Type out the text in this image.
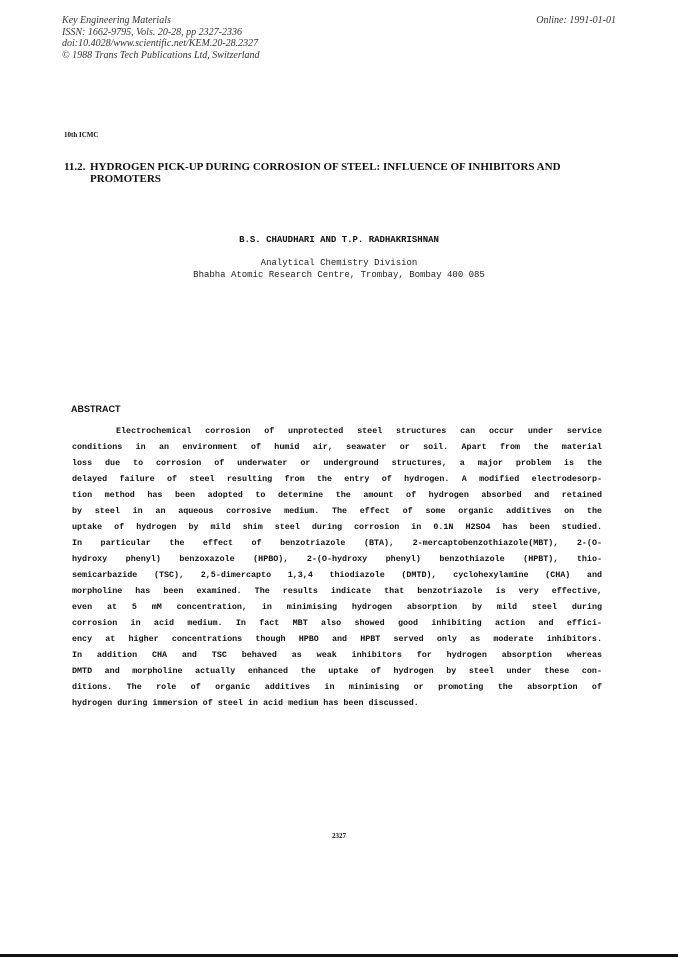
Key Engineering Materials
ISSN: 1662-9795, Vols. 20-28, pp 2327-2336
doi:10.4028/www.scientific.net/KEM.20-28.2327
© 1988 Trans Tech Publications Ltd, Switzerland
Online: 1991-01-01
10th ICMC
11.2. HYDROGEN PICK-UP DURING CORROSION OF STEEL: INFLUENCE OF INHIBITORS AND
PROMOTERS
B.S. CHAUDHARI AND T.P. RADHAKRISHNAN
Analytical Chemistry Division
Bhabha Atomic Research Centre, Trombay, Bombay 400 085
ABSTRACT
Electrochemical corrosion of unprotected steel structures can occur under service
conditions in an environment of humid air, seawater or soil. Apart from the material
loss due to corrosion of underwater or underground structures, a major problem is the
delayed failure of steel resulting from the entry of hydrogen. A modified electrodesorp-
tion method has been adopted to determine the amount of hydrogen absorbed and retained
by steel in an aqueous corrosive medium. The effect of some organic additives on the
uptake of hydrogen by mild shim steel during corrosion in 0.1N H2SO4 has been studied.
In particular the effect of benzotriazole (BTA), 2-mercaptobenzothiazole(MBT), 2-(O-
hydroxy phenyl) benzoxazole (HPBO), 2-(O-hydroxy phenyl) benzothiazole (HPBT), thio-
semicarbazide (TSC), 2,5-dimercapto 1,3,4 thiodiazole (DMTD), cyclohexylamine (CHA) and
morpholine has been examined. The results indicate that benzotriazole is very effective,
even at 5 mM concentration, in minimising hydrogen absorption by mild steel during
corrosion in acid medium. In fact MBT also showed good inhibiting action and effici-
ency at higher concentrations though HPBO and HPBT served only as moderate inhibitors.
In addition CHA and TSC behaved as weak inhibitors for hydrogen absorption whereas
DMTD and morpholine actually enhanced the uptake of hydrogen by steel under these con-
ditions. The role of organic additives in minimising or promoting the absorption of
hydrogen during immersion of steel in acid medium has been discussed.
2327
